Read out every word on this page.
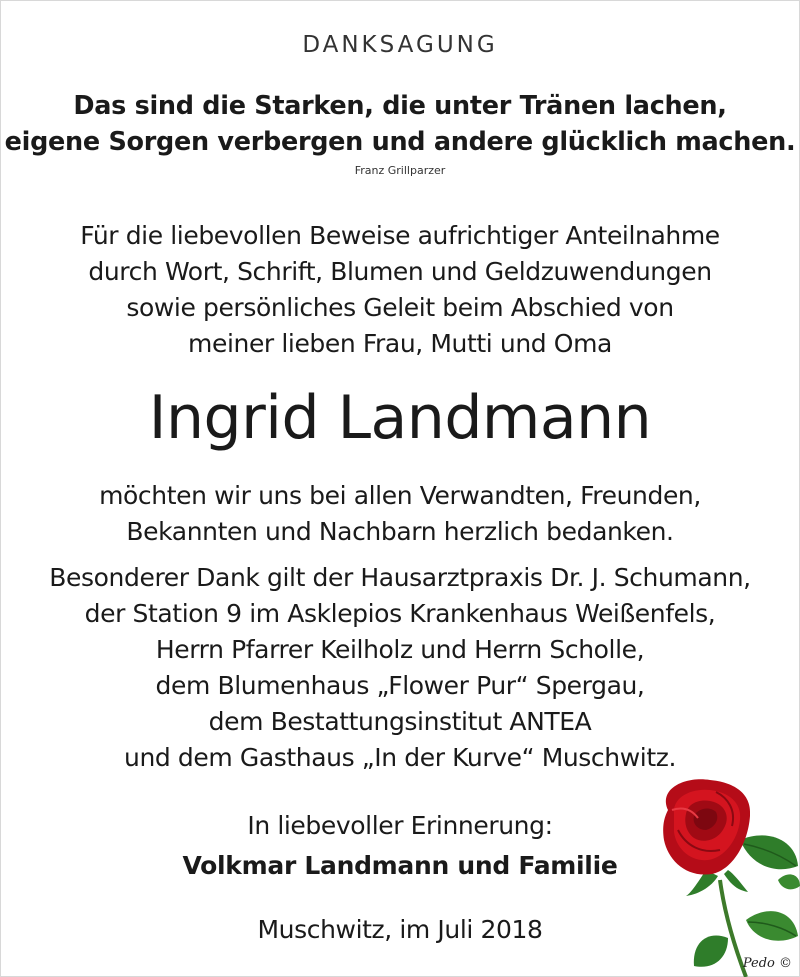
DANKSAGUNG
Das sind die Starken, die unter Tränen lachen,
eigene Sorgen verbergen und andere glücklich machen.
Franz Grillparzer
Für die liebevollen Beweise aufrichtiger Anteilnahme
durch Wort, Schrift, Blumen und Geldzuwendungen
sowie persönliches Geleit beim Abschied von
meiner lieben Frau, Mutti und Oma
Ingrid Landmann
möchten wir uns bei allen Verwandten, Freunden,
Bekannten und Nachbarn herzlich bedanken.
Besonderer Dank gilt der Hausarztpraxis Dr. J. Schumann,
der Station 9 im Asklepios Krankenhaus Weißenfels,
Herrn Pfarrer Keilholz und Herrn Scholle,
dem Blumenhaus „Flower Pur“ Spergau,
dem Bestattungsinstitut ANTEA
und dem Gasthaus „In der Kurve“ Muschwitz.
In liebevoller Erinnerung:
Volkmar Landmann und Familie
Muschwitz, im Juli 2018
Pedo ©
